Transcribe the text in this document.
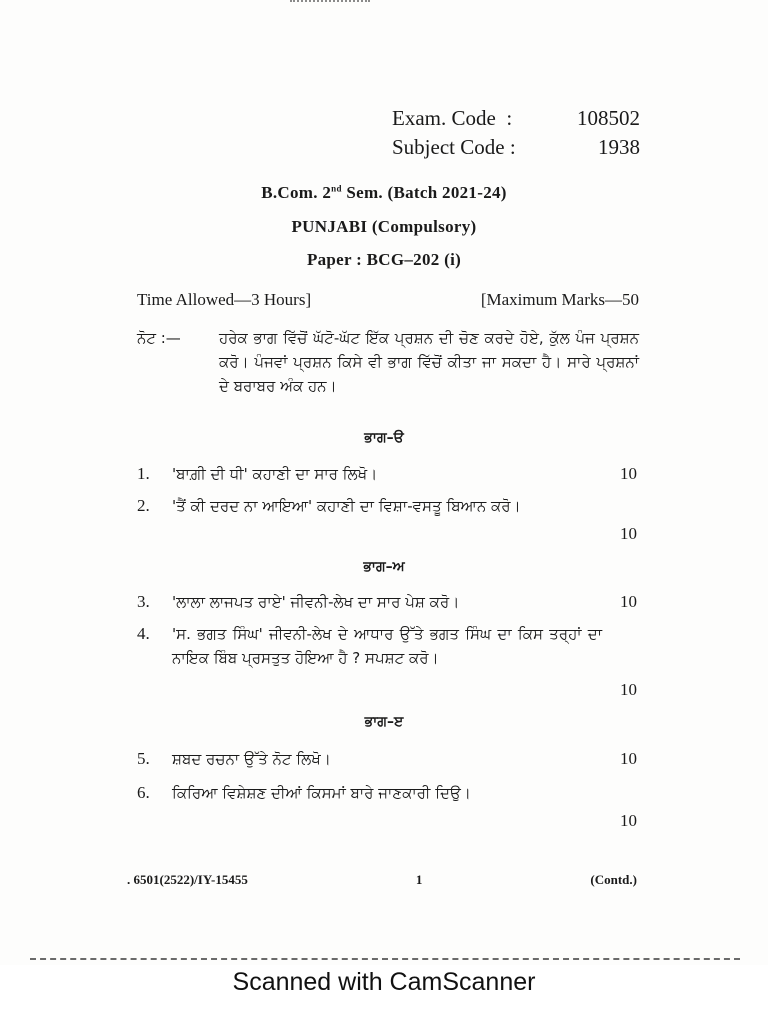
Exam. Code :	108502
Subject Code :	1938
B.Com. 2nd Sem. (Batch 2021-24)
PUNJABI (Compulsory)
Paper : BCG–202 (i)
Time Allowed—3 Hours]	[Maximum Marks—50
ਨੋਟ :—	ਹਰੇਕ ਭਾਗ ਵਿੱਚੋਂ ਘੱਟੋ-ਘੱਟ ਇੱਕ ਪ੍ਰਸ਼ਨ ਦੀ ਚੋਣ ਕਰਦੇ ਹੋਏ, ਕੁੱਲ ਪੰਜ ਪ੍ਰਸ਼ਨ ਕਰੋ। ਪੰਜਵਾਂ ਪ੍ਰਸ਼ਨ ਕਿਸੇ ਵੀ ਭਾਗ ਵਿੱਚੋਂ ਕੀਤਾ ਜਾ ਸਕਦਾ ਹੈ। ਸਾਰੇ ਪ੍ਰਸ਼ਨਾਂ ਦੇ ਬਰਾਬਰ ਅੰਕ ਹਨ।
ਭਾਗ–ੳ
1.	'ਬਾਗ਼ੀ ਦੀ ਧੀ' ਕਹਾਣੀ ਦਾ ਸਾਰ ਲਿਖੋ।	10
2.	'ਤੈਂ ਕੀ ਦਰਦ ਨਾ ਆਇਆ' ਕਹਾਣੀ ਦਾ ਵਿਸ਼ਾ-ਵਸਤੂ ਬਿਆਨ ਕਰੋ।
10
ਭਾਗ–ਅ
3.	'ਲਾਲਾ ਲਾਜਪਤ ਰਾਏ' ਜੀਵਨੀ-ਲੇਖ ਦਾ ਸਾਰ ਪੇਸ਼ ਕਰੋ।	10
4.	'ਸ. ਭਗਤ ਸਿੰਘ' ਜੀਵਨੀ-ਲੇਖ ਦੇ ਆਧਾਰ ਉੱਤੇ ਭਗਤ ਸਿੰਘ ਦਾ ਕਿਸ ਤਰ੍ਹਾਂ ਦਾ ਨਾਇਕ ਬਿੰਬ ਪ੍ਰਸਤੁਤ ਹੋਇਆ ਹੈ ? ਸਪਸ਼ਟ ਕਰੋ।
10
ਭਾਗ–ੲ
5.	ਸ਼ਬਦ ਰਚਨਾ ਉੱਤੇ ਨੋਟ ਲਿਖੋ।	10
6.	ਕਿਰਿਆ ਵਿਸ਼ੇਸ਼ਣ ਦੀਆਂ ਕਿਸਮਾਂ ਬਾਰੇ ਜਾਣਕਾਰੀ ਦਿਉ।
10
. 6501(2522)/IY-15455	1	(Contd.)
Scanned with CamScanner
